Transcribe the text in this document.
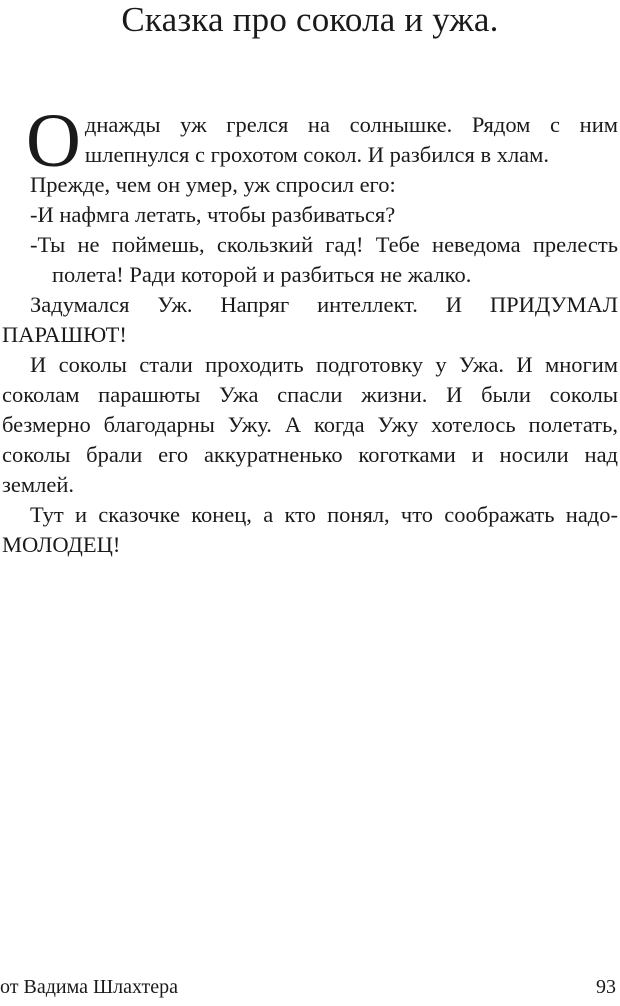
Сказка про сокола и ужа.

Однажды уж грелся на солнышке. Рядом с ним шлепнулся с грохотом сокол. И разбился в хлам.

Прежде, чем он умер, уж спросил его:

-И нафмга летать, чтобы разбиваться?

-Ты не поймешь, скользкий гад! Тебе неведома прелесть полета! Ради которой и разбиться не жалко.

Задумался Уж. Напряг интеллект. И ПРИДУМАЛ ПАРАШЮТ!

И соколы стали проходить подготовку у Ужа. И многим соколам парашюты Ужа спасли жизни. И были соколы безмерно благодарны Ужу. А когда Ужу хотелось полетать, соколы брали его аккуратненько коготками и носили над землей.

Тут и сказочке конец, а кто понял, что соображать надо-МОЛОДЕЦ!

от Вадима Шлахтера	93
